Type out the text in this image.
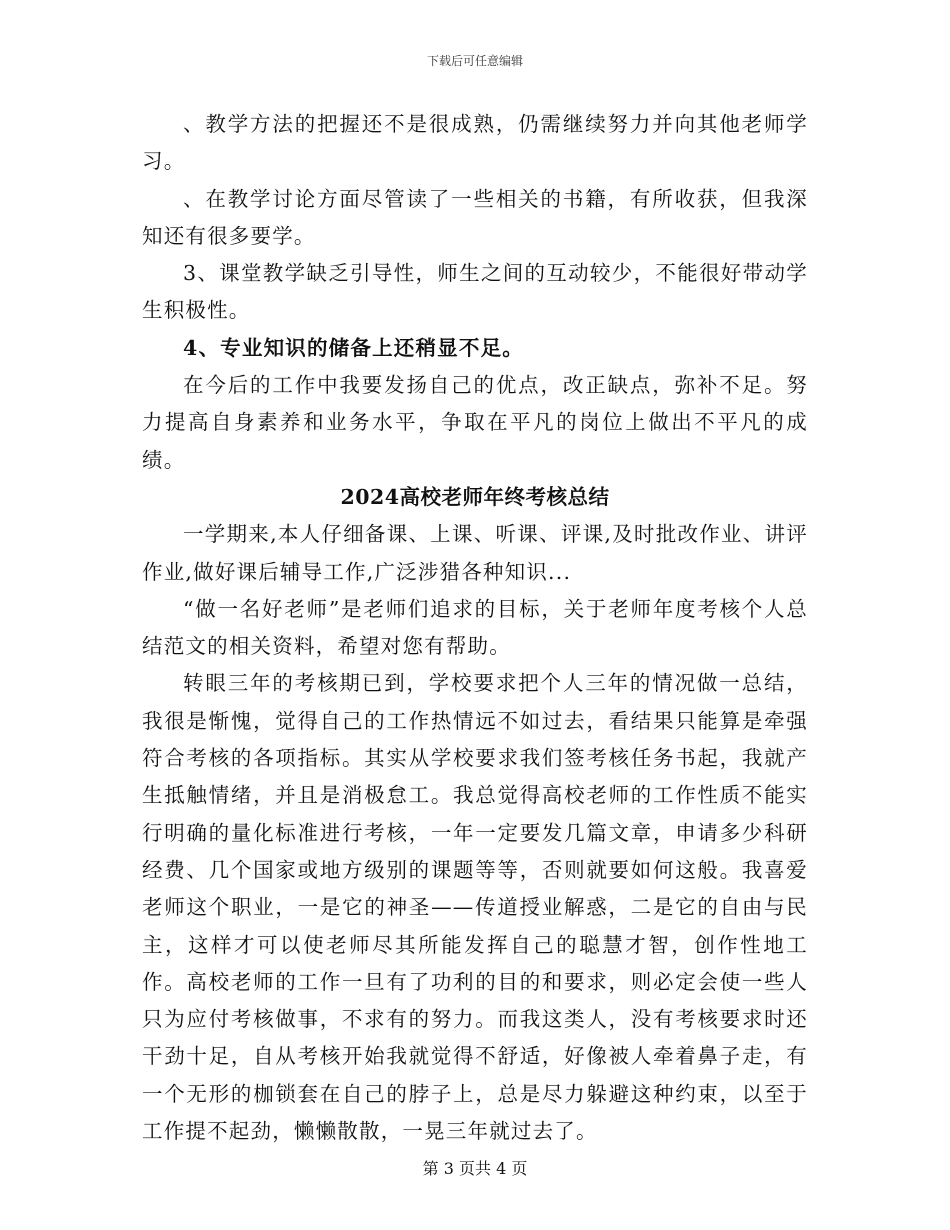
下载后可任意编辑

、教学方法的把握还不是很成熟，仍需继续努力并向其他老师学习。

、在教学讨论方面尽管读了一些相关的书籍，有所收获，但我深知还有很多要学。

3、课堂教学缺乏引导性，师生之间的互动较少，不能很好带动学生积极性。

4、专业知识的储备上还稍显不足。

在今后的工作中我要发扬自己的优点，改正缺点，弥补不足。努力提高自身素养和业务水平，争取在平凡的岗位上做出不平凡的成绩。

2024高校老师年终考核总结

一学期来,本人仔细备课、上课、听课、评课,及时批改作业、讲评作业,做好课后辅导工作,广泛涉猎各种知识...

“做一名好老师”是老师们追求的目标，关于老师年度考核个人总结范文的相关资料，希望对您有帮助。

转眼三年的考核期已到，学校要求把个人三年的情况做一总结，我很是惭愧，觉得自己的工作热情远不如过去，看结果只能算是牵强符合考核的各项指标。其实从学校要求我们签考核任务书起，我就产生抵触情绪，并且是消极怠工。我总觉得高校老师的工作性质不能实行明确的量化标准进行考核，一年一定要发几篇文章，申请多少科研经费、几个国家或地方级别的课题等等，否则就要如何这般。我喜爱老师这个职业，一是它的神圣——传道授业解惑，二是它的自由与民主，这样才可以使老师尽其所能发挥自己的聪慧才智，创作性地工作。高校老师的工作一旦有了功利的目的和要求，则必定会使一些人只为应付考核做事，不求有的努力。而我这类人，没有考核要求时还干劲十足，自从考核开始我就觉得不舒适，好像被人牵着鼻子走，有一个无形的枷锁套在自己的脖子上，总是尽力躲避这种约束，以至于工作提不起劲，懒懒散散，一晃三年就过去了。

第 3 页共 4 页
